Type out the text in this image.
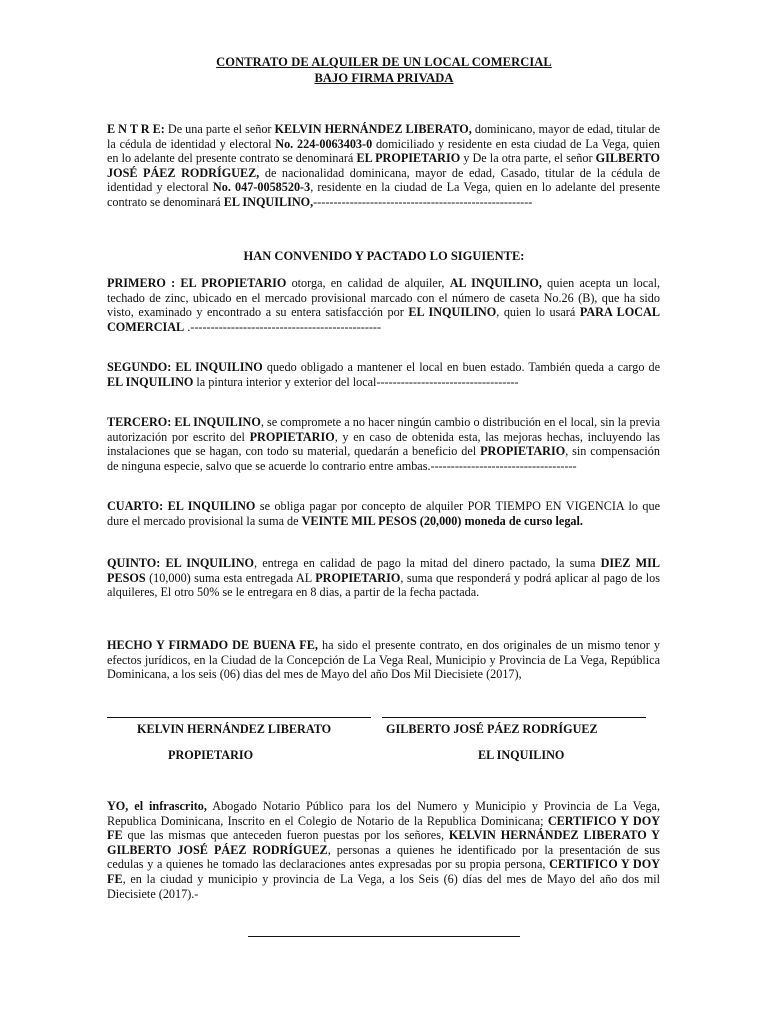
CONTRATO DE ALQUILER DE UN LOCAL COMERCIAL
BAJO FIRMA PRIVADA
E N T R E: De una parte el señor KELVIN HERNÁNDEZ LIBERATO, dominicano, mayor de edad, titular de la cédula de identidad y electoral No. 224-0063403-0 domiciliado y residente en esta ciudad de La Vega, quien en lo adelante del presente contrato se denominará EL PROPIETARIO y De la otra parte, el señor GILBERTO JOSÉ PÁEZ RODRÍGUEZ, de nacionalidad dominicana, mayor de edad, Casado, titular de la cédula de identidad y electoral No. 047-0058520-3, residente en la ciudad de La Vega, quien en lo adelante del presente contrato se denominará EL INQUILINO,------------------------------------------------------
HAN CONVENIDO Y PACTADO LO SIGUIENTE:
PRIMERO : EL PROPIETARIO otorga, en calidad de alquiler, AL INQUILINO, quien acepta un local, techado de zinc, ubicado en el mercado provisional marcado con el número de caseta No.26 (B), que ha sido visto, examinado y encontrado a su entera satisfacción por EL INQUILINO, quien lo usará PARA LOCAL COMERCIAL .-----------------------------------------------
SEGUNDO: EL INQUILINO quedo obligado a mantener el local en buen estado. También queda a cargo de EL INQUILINO la pintura interior y exterior del local-----------------------------------
TERCERO: EL INQUILINO, se compromete a no hacer ningún cambio o distribución en el local, sin la previa autorización por escrito del PROPIETARIO, y en caso de obtenida esta, las mejoras hechas, incluyendo las instalaciones que se hagan, con todo su material, quedarán a beneficio del PROPIETARIO, sin compensación de ninguna especie, salvo que se acuerde lo contrario entre ambas.------------------------------------
CUARTO: EL INQUILINO se obliga pagar por concepto de alquiler POR TIEMPO EN VIGENCIA lo que dure el mercado provisional la suma de VEINTE MIL PESOS (20,000) moneda de curso legal.
QUINTO: EL INQUILINO, entrega en calidad de pago la mitad del dinero pactado, la suma DIEZ MIL PESOS (10,000) suma esta entregada AL PROPIETARIO, suma que responderá y podrá aplicar al pago de los alquileres, El otro 50% se le entregara en 8 dias, a partir de la fecha pactada.
HECHO Y FIRMADO DE BUENA FE, ha sido el presente contrato, en dos originales de un mismo tenor y efectos jurídicos, en la Ciudad de la Concepción de La Vega Real, Municipio y Provincia de La Vega, República Dominicana, a los seis (06) dias del mes de Mayo del año Dos Mil Diecisiete (2017),
KELVIN HERNÁNDEZ LIBERATO	GILBERTO JOSÉ PÁEZ RODRÍGUEZ
PROPIETARIO	EL INQUILINO
YO, el infrascrito, Abogado Notario Público para los del Numero y Municipio y Provincia de La Vega, Republica Dominicana, Inscrito en el Colegio de Notario de la Republica Dominicana; CERTIFICO Y DOY FE que las mismas que anteceden fueron puestas por los señores, KELVIN HERNÁNDEZ LIBERATO Y GILBERTO JOSÉ PÁEZ RODRÍGUEZ, personas a quienes he identificado por la presentación de sus cedulas y a quienes he tomado las declaraciones antes expresadas por su propia persona, CERTIFICO Y DOY FE, en la ciudad y municipio y provincia de La Vega, a los Seis (6) días del mes de Mayo del año dos mil Diecisiete (2017).-
